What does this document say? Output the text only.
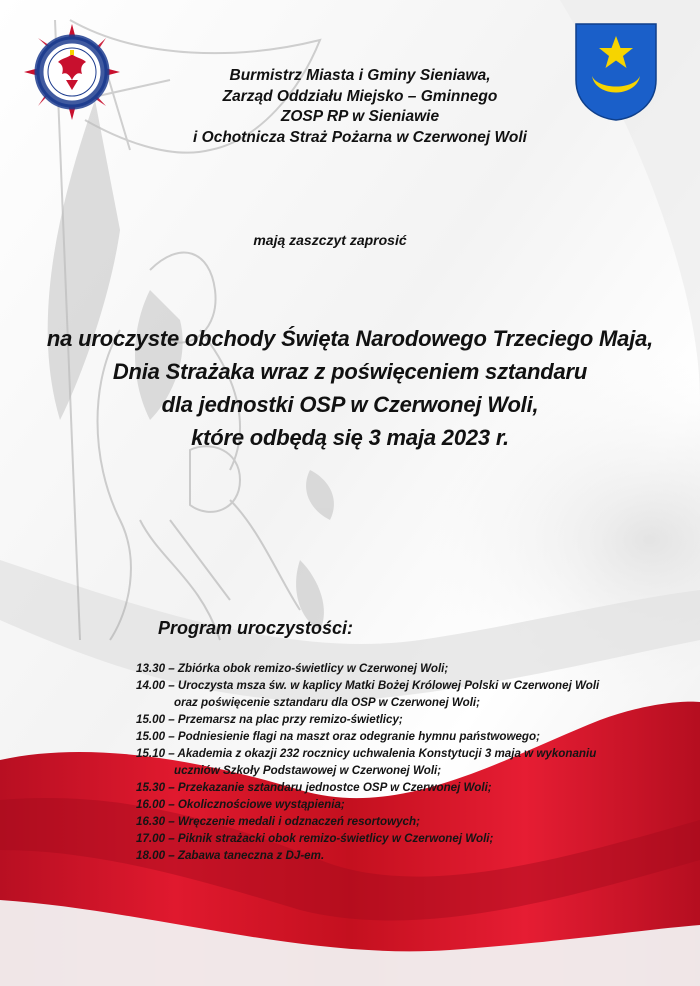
Burmistrz Miasta i Gminy Sieniawa,
Zarząd Oddziału Miejsko – Gminnego
ZOSP RP w Sieniawie
i Ochotnicza Straż Pożarna w Czerwonej Woli
mają zaszczyt zaprosić
na uroczyste obchody Święta Narodowego Trzeciego Maja,
Dnia Strażaka wraz z poświęceniem sztandaru
dla jednostki OSP w Czerwonej Woli,
które odbędą się 3 maja 2023 r.
Program uroczystości:
13.30 – Zbiórka obok remizo-świetlicy w Czerwonej Woli;
14.00 – Uroczysta msza św. w kaplicy Matki Bożej Królowej Polski w Czerwonej Woli
oraz poświęcenie sztandaru dla OSP w Czerwonej Woli;
15.00 – Przemarsz na plac przy remizo-świetlicy;
15.00 – Podniesienie flagi na maszt oraz odegranie hymnu państwowego;
15.10 – Akademia z okazji 232 rocznicy uchwalenia Konstytucji 3 maja w wykonaniu
uczniów Szkoły Podstawowej w Czerwonej Woli;
15.30 – Przekazanie sztandaru jednostce OSP w Czerwonej Woli;
16.00 – Okolicznościowe wystąpienia;
16.30 – Wręczenie medali i odznaczeń resortowych;
17.00 – Piknik strażacki obok remizo-świetlicy w Czerwonej Woli;
18.00 – Zabawa taneczna z DJ-em.
